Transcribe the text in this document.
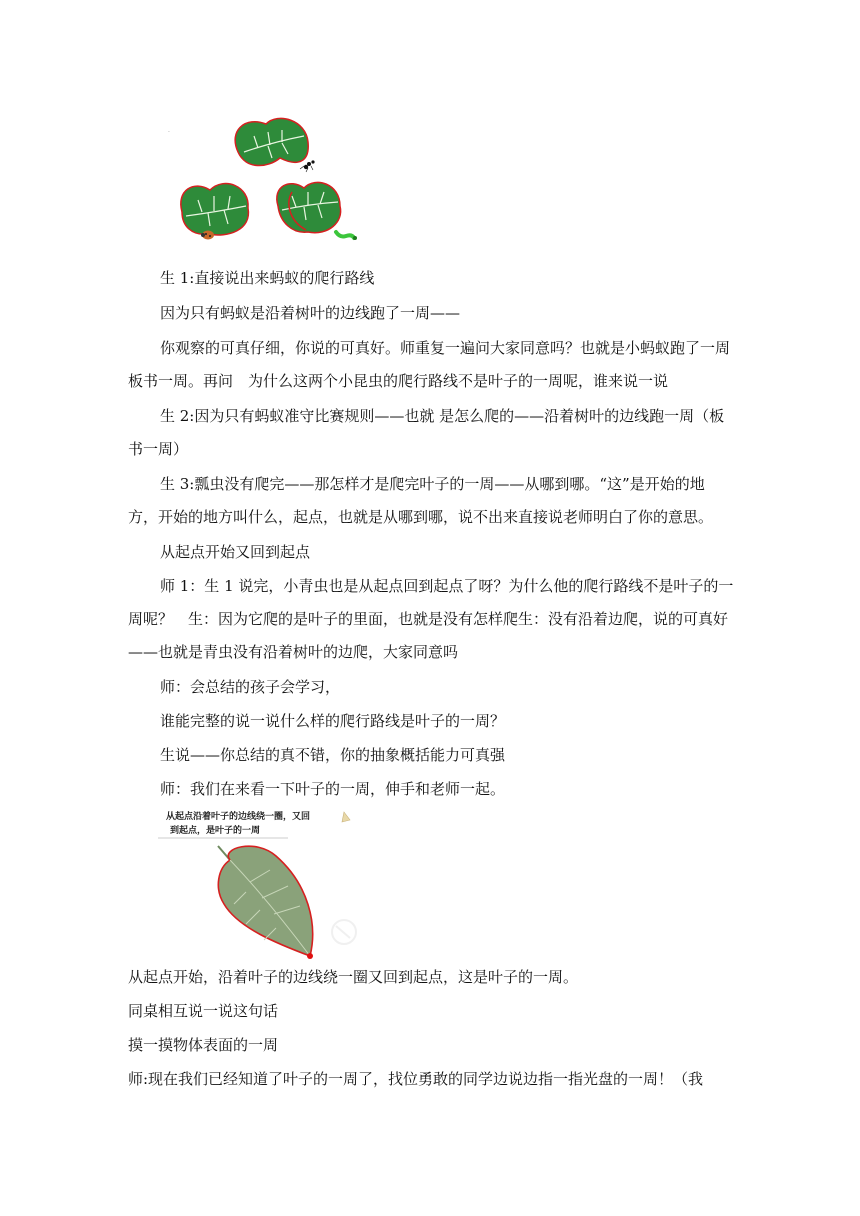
.
生 1:直接说出来蚂蚁的爬行路线
因为只有蚂蚁是沿着树叶的边线跑了一周——
你观察的可真仔细，你说的可真好。师重复一遍问大家同意吗？也就是小蚂蚁跑了一周
板书一周。再问　为什么这两个小昆虫的爬行路线不是叶子的一周呢，谁来说一说
生 2:因为只有蚂蚁准守比赛规则——也就 是怎么爬的——沿着树叶的边线跑一周（板
书一周）
生 3:瓢虫没有爬完——那怎样才是爬完叶子的一周——从哪到哪。“这”是开始的地
方，开始的地方叫什么，起点，也就是从哪到哪，说不出来直接说老师明白了你的意思。
从起点开始又回到起点
师 1：生 1 说完，小青虫也是从起点回到起点了呀？为什么他的爬行路线不是叶子的一
周呢？　生：因为它爬的是叶子的里面，也就是没有怎样爬生：没有沿着边爬，说的可真好
——也就是青虫没有沿着树叶的边爬，大家同意吗
师：会总结的孩子会学习，
谁能完整的说一说什么样的爬行路线是叶子的一周？
生说——你总结的真不错，你的抽象概括能力可真强
师：我们在来看一下叶子的一周，伸手和老师一起。
从起点沿着叶子的边线绕一圈，又回
到起点，是叶子的一周
从起点开始，沿着叶子的边线绕一圈又回到起点，这是叶子的一周。
同桌相互说一说这句话
摸一摸物体表面的一周
师:现在我们已经知道了叶子的一周了，找位勇敢的同学边说边指一指光盘的一周！（我
